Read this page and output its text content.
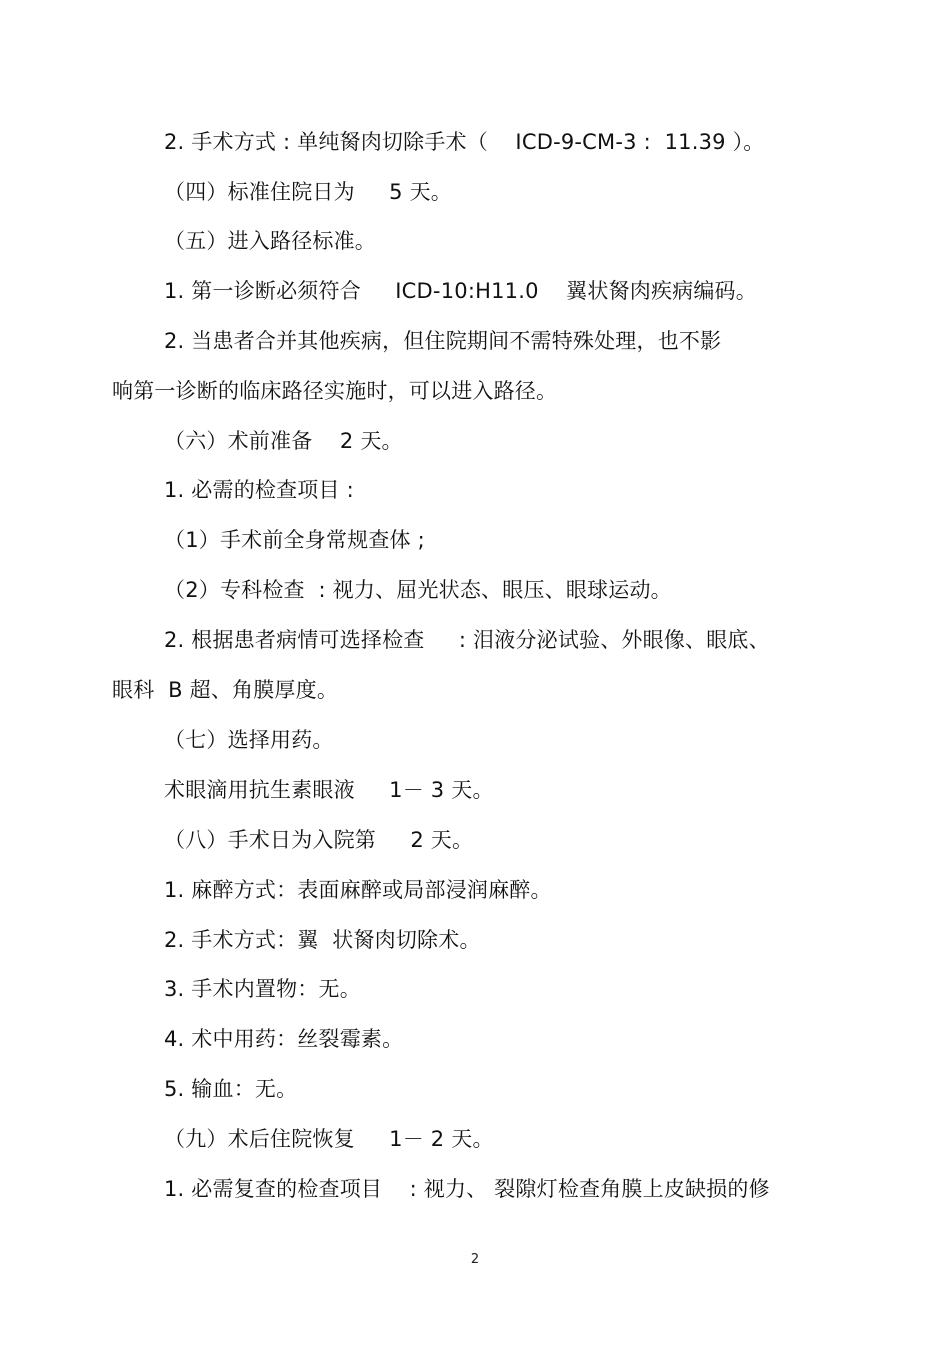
2. 手术方式 : 单纯胬肉切除手术（    ICD-9-CM-3 :  11.39 ）。
（四）标准住院日为     5 天。
（五）进入路径标准。
1. 第一诊断必须符合     ICD-10:H11.0    翼状胬肉疾病编码。
2. 当患者合并其他疾病，但住院期间不需特殊处理，也不影
响第一诊断的临床路径实施时，可以进入路径。
（六）术前准备    2 天。
1. 必需的检查项目 :
（1）手术前全身常规查体 ;
（2）专科检查  : 视力、屈光状态、眼压、眼球运动。
2. 根据患者病情可选择检查     : 泪液分泌试验、外眼像、眼底、
眼科  B 超、角膜厚度。
（七）选择用药。
术眼滴用抗生素眼液     1－ 3 天。
（八）手术日为入院第     2 天。
1. 麻醉方式：表面麻醉或局部浸润麻醉。
2. 手术方式：翼  状胬肉切除术。
3. 手术内置物：无。
4. 术中用药：丝裂霉素。
5. 输血：无。
（九）术后住院恢复     1－ 2 天。
1. 必需复查的检查项目    : 视力、 裂隙灯检查角膜上皮缺损的修
2
